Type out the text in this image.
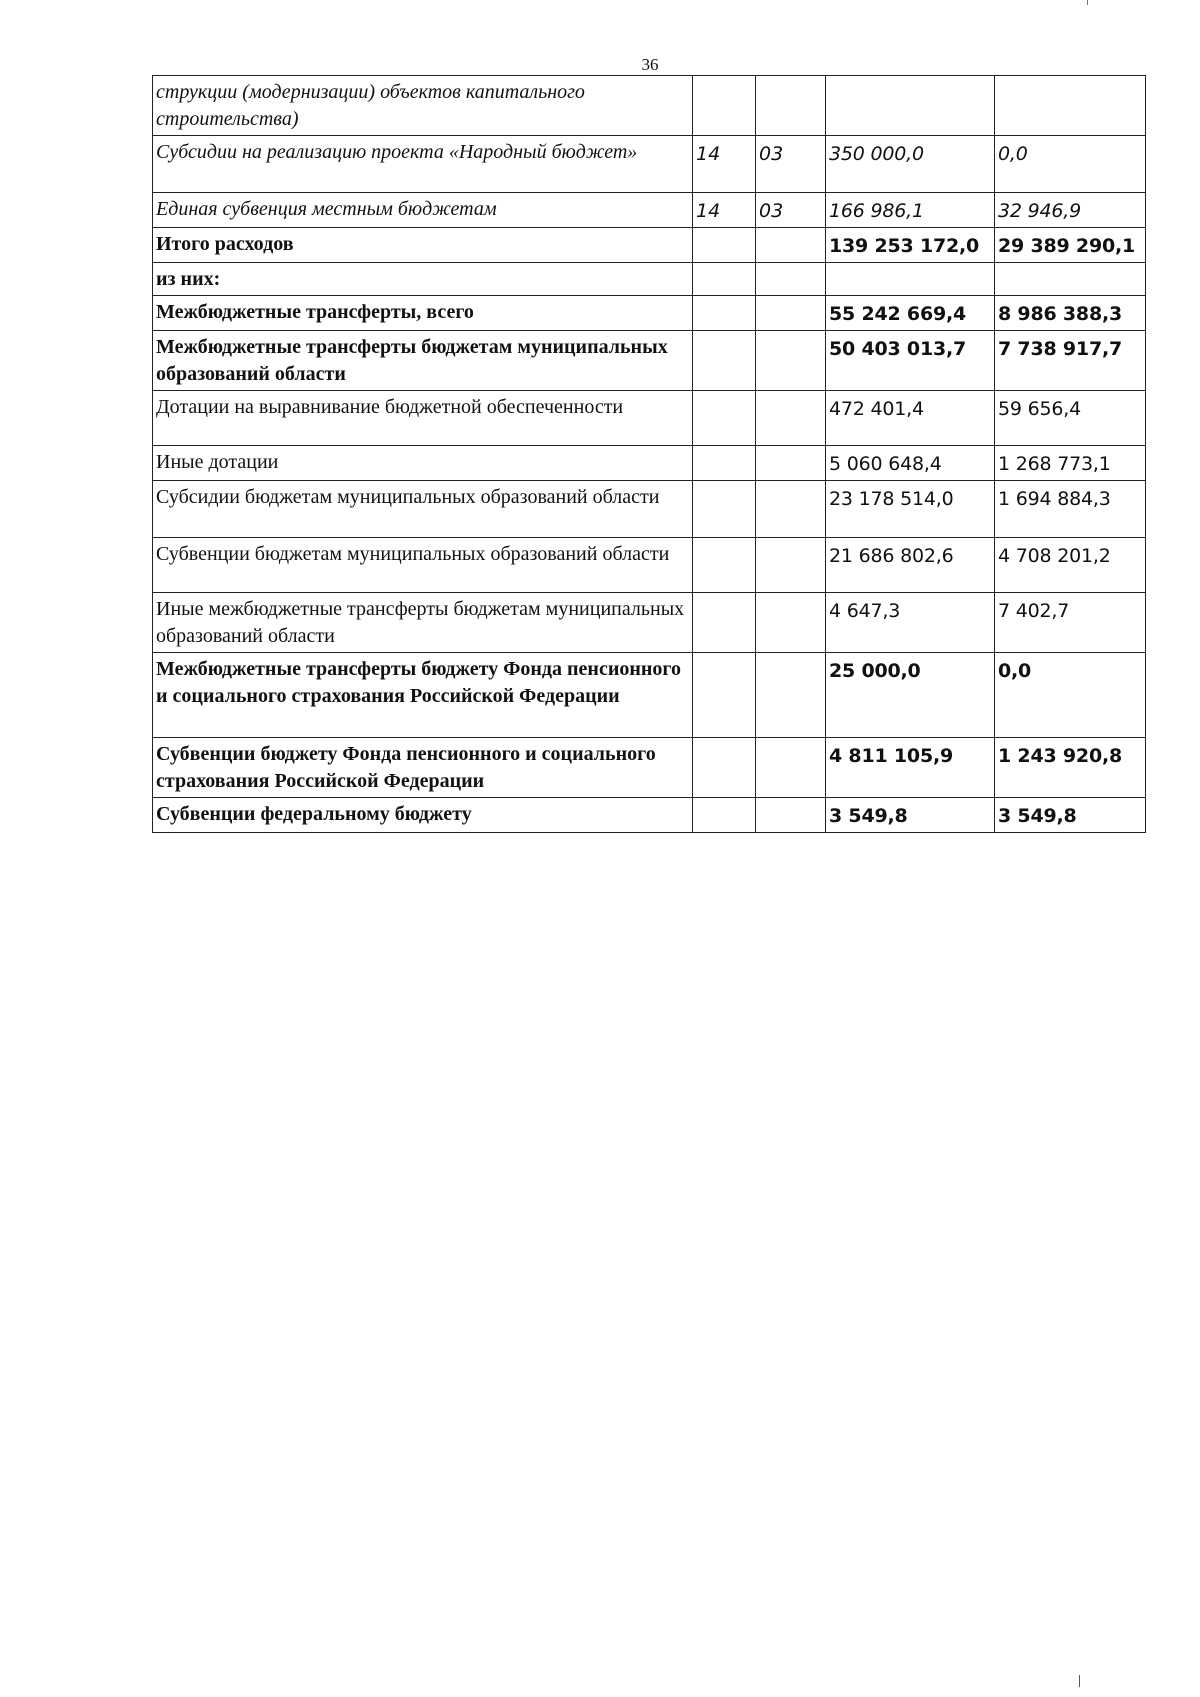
36
струкции (модернизации) объектов капитального строительства)				
Субсидии на реализацию проекта «Народный бюджет»	14	03	350 000,0	0,0
Единая субвенция местным бюджетам	14	03	166 986,1	32 946,9
Итого расходов			139 253 172,0	29 389 290,1
из них:				
Межбюджетные трансферты, всего			55 242 669,4	8 986 388,3
Межбюджетные трансферты бюджетам муниципальных образований области			50 403 013,7	7 738 917,7
Дотации на выравнивание бюджетной обеспеченности			472 401,4	59 656,4
Иные дотации			5 060 648,4	1 268 773,1
Субсидии бюджетам муниципальных образований области			23 178 514,0	1 694 884,3
Субвенции бюджетам муниципальных образований области			21 686 802,6	4 708 201,2
Иные межбюджетные трансферты бюджетам муниципальных образований области			4 647,3	7 402,7
Межбюджетные трансферты бюджету Фонда пенсионного и социального страхования Российской Федерации			25 000,0	0,0
Субвенции бюджету Фонда пенсионного и социального страхования Российской Федерации			4 811 105,9	1 243 920,8
Субвенции федеральному бюджету			3 549,8	3 549,8
